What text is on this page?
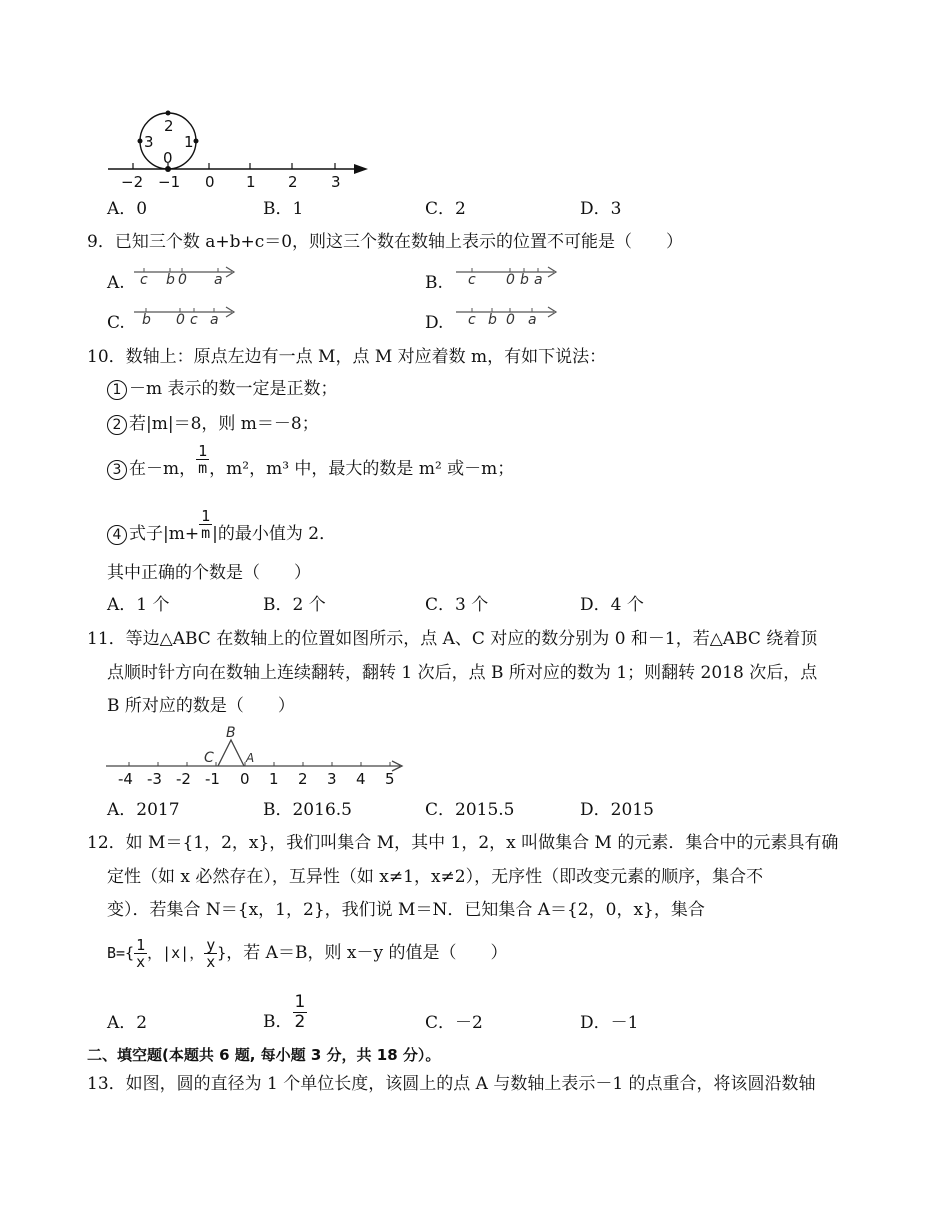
2
3 1
0
−2 −1 0 1 2 3
A．0	B．1	C．2	D．3
9．已知三个数 a+b+c＝0，则这三个数在数轴上表示的位置不可能是（　　）
A. c b 0 a	B. c 0 b a
C. b 0 c a	D. c b 0 a
10．数轴上：原点左边有一点 M，点 M 对应着数 m，有如下说法：
1 －m 表示的数一定是正数；
2 若|m|＝8，则 m＝－8；
3 在－m， $\frac{1}{m}$ ，m²，m³ 中，最大的数是 m² 或－m；
4 式子$|m+ \frac{1}{m}$ |的最小值为 2．
其中正确的个数是（　　）
A．1 个	B．2 个	C．3 个	D．4 个
11．等边△ABC 在数轴上的位置如图所示，点 A、C 对应的数分别为 0 和－1，若△ABC 绕着顶
点顺时针方向在数轴上连续翻转，翻转 1 次后，点 B 所对应的数为 1；则翻转 2018 次后，点
B 所对应的数是（　　）
B
C	A
-4 -3 -2 -1 0 1 2 3 4 5
A．2017	B．2016.5	C．2015.5	D．2015
12．如 M＝{1，2，x}，我们叫集合 M，其中 1，2，x 叫做集合 M 的元素．集合中的元素具有确
定性（如 x 必然存在），互异性（如 x≠1，x≠2），无序性（即改变元素的顺序，集合不
变）．若集合 N＝{x，1，2}，我们说 M＝N．已知集合 A＝{2，0，x}，集合
$B=\{ \frac{1}{x}$ ，|x|， $\frac{y}{x}$ }，若 A＝B，则 x－y 的值是（　　）
A．2	B． $\frac{1}{2}$	C．－2	D．－1
二、填空题(本题共 6 题, 每小题 3 分，共 18 分）。
13．如图，圆的直径为 1 个单位长度，该圆上的点 A 与数轴上表示－1 的点重合，将该圆沿数轴
